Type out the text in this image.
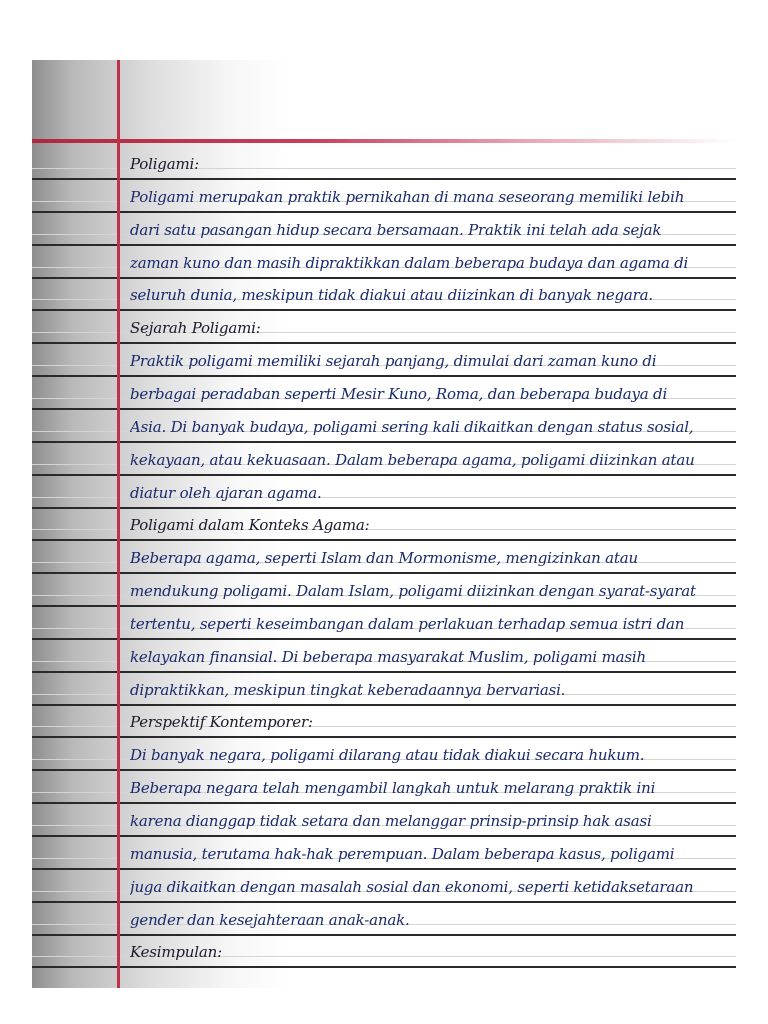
Poligami:
Poligami merupakan praktik pernikahan di mana seseorang memiliki lebih
dari satu pasangan hidup secara bersamaan. Praktik ini telah ada sejak
zaman kuno dan masih dipraktikkan dalam beberapa budaya dan agama di
seluruh dunia, meskipun tidak diakui atau diizinkan di banyak negara.
Sejarah Poligami:
Praktik poligami memiliki sejarah panjang, dimulai dari zaman kuno di
berbagai peradaban seperti Mesir Kuno, Roma, dan beberapa budaya di
Asia. Di banyak budaya, poligami sering kali dikaitkan dengan status sosial,
kekayaan, atau kekuasaan. Dalam beberapa agama, poligami diizinkan atau
diatur oleh ajaran agama.
Poligami dalam Konteks Agama:
Beberapa agama, seperti Islam dan Mormonisme, mengizinkan atau
mendukung poligami. Dalam Islam, poligami diizinkan dengan syarat-syarat
tertentu, seperti keseimbangan dalam perlakuan terhadap semua istri dan
kelayakan finansial. Di beberapa masyarakat Muslim, poligami masih
dipraktikkan, meskipun tingkat keberadaannya bervariasi.
Perspektif Kontemporer:
Di banyak negara, poligami dilarang atau tidak diakui secara hukum.
Beberapa negara telah mengambil langkah untuk melarang praktik ini
karena dianggap tidak setara dan melanggar prinsip-prinsip hak asasi
manusia, terutama hak-hak perempuan. Dalam beberapa kasus, poligami
juga dikaitkan dengan masalah sosial dan ekonomi, seperti ketidaksetaraan
gender dan kesejahteraan anak-anak.
Kesimpulan:
